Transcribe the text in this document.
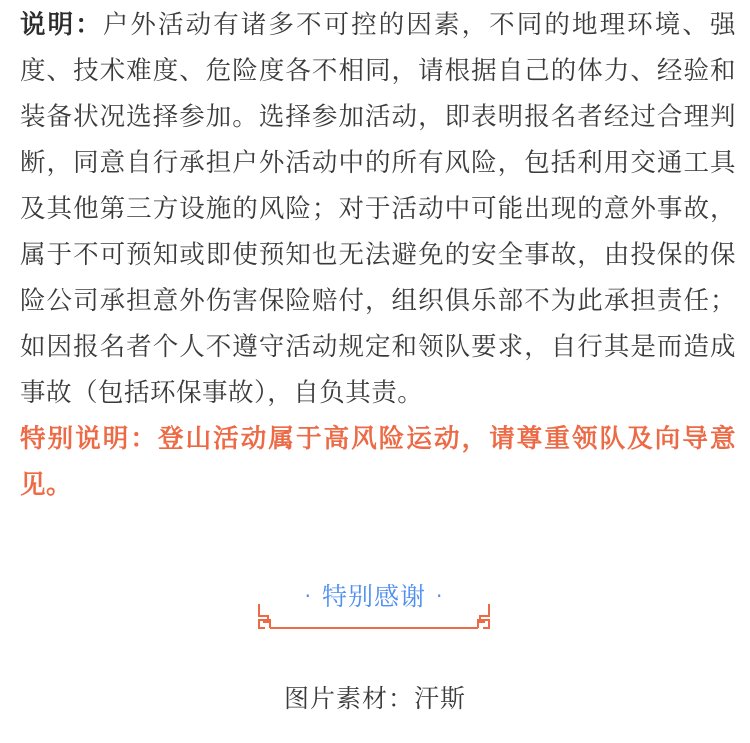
说明：户外活动有诸多不可控的因素，不同的地理环境、强度、技术难度、危险度各不相同，请根据自己的体力、经验和装备状况选择参加。选择参加活动，即表明报名者经过合理判断，同意自行承担户外活动中的所有风险，包括利用交通工具及其他第三方设施的风险；对于活动中可能出现的意外事故，属于不可预知或即使预知也无法避免的安全事故，由投保的保险公司承担意外伤害保险赔付，组织俱乐部不为此承担责任；如因报名者个人不遵守活动规定和领队要求，自行其是而造成事故（包括环保事故），自负其责。

特别说明：登山活动属于高风险运动，请尊重领队及向导意见。

· 特别感谢 ·
图片素材：汗斯
